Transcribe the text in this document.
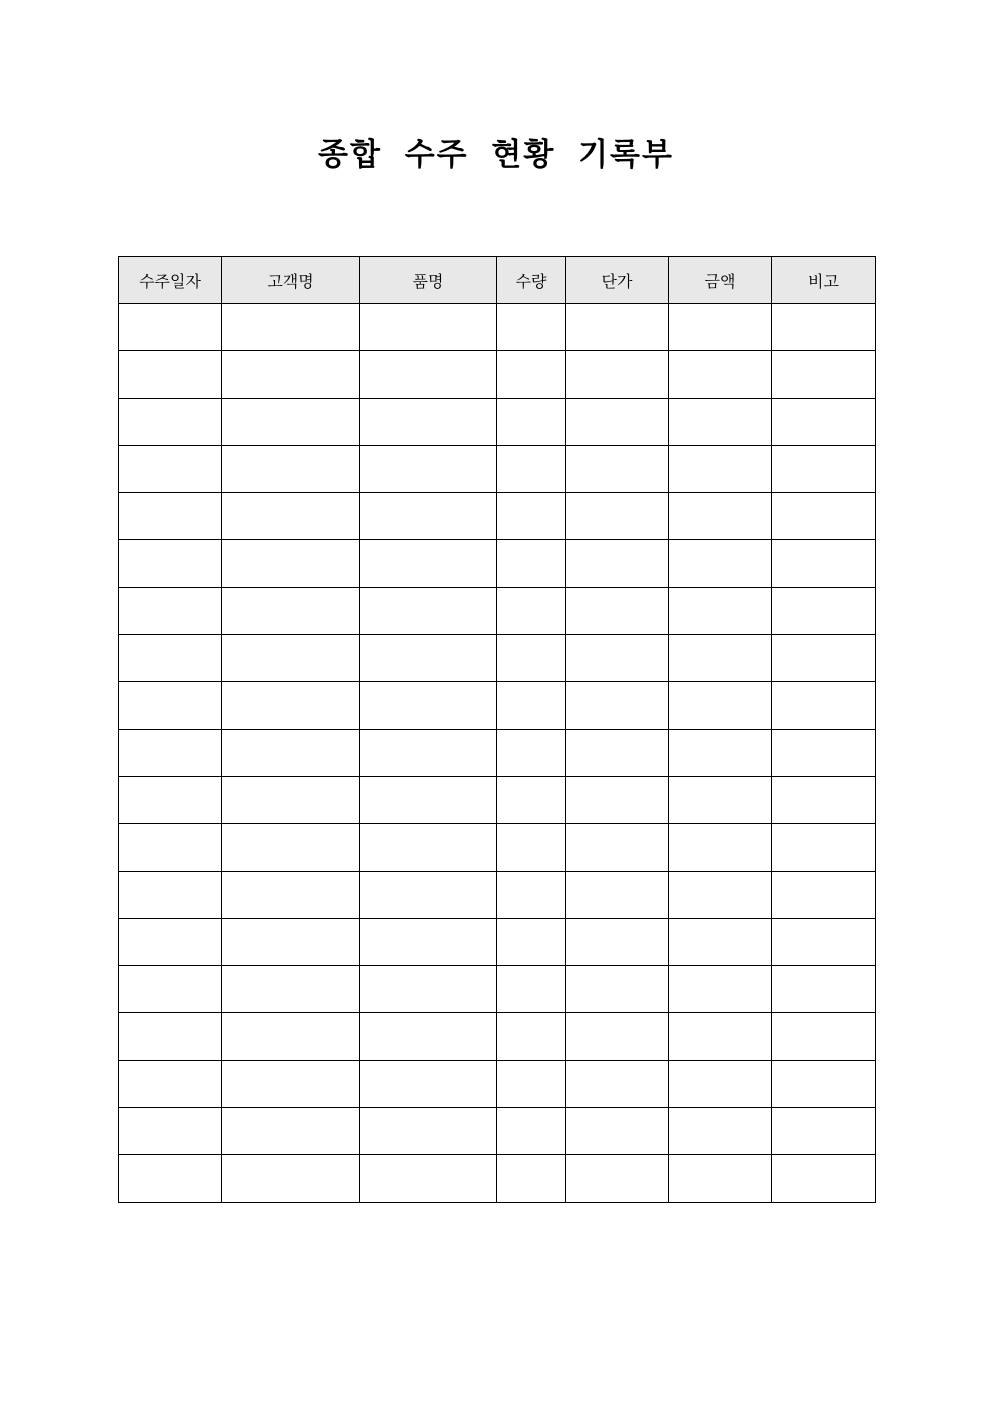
종합 수주 현황 기록부
수주일자	고객명	품명	수량	단가	금액	비고
